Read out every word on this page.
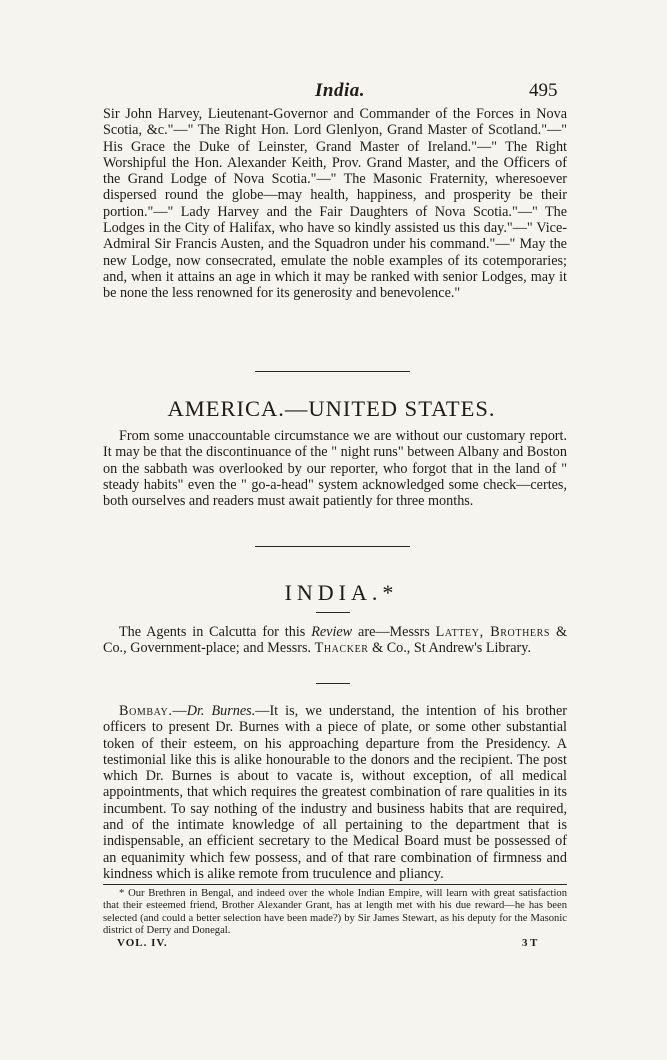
India.	495

Sir John Harvey, Lieutenant-Governor and Commander of the Forces in Nova Scotia, &c."—" The Right Hon. Lord Glenlyon, Grand Master of Scotland."—" His Grace the Duke of Leinster, Grand Master of Ireland."—" The Right Worshipful the Hon. Alexander Keith, Prov. Grand Master, and the Officers of the Grand Lodge of Nova Scotia."—" The Masonic Fraternity, wheresoever dispersed round the globe—may health, happiness, and prosperity be their portion."—" Lady Harvey and the Fair Daughters of Nova Scotia."—" The Lodges in the City of Halifax, who have so kindly assisted us this day."—" Vice-Admiral Sir Francis Austen, and the Squadron under his command."—" May the new Lodge, now consecrated, emulate the noble examples of its cotemporaries; and, when it attains an age in which it may be ranked with senior Lodges, may it be none the less renowned for its generosity and benevolence."

AMERICA.—UNITED STATES.

From some unaccountable circumstance we are without our customary report. It may be that the discontinuance of the " night runs" between Albany and Boston on the sabbath was overlooked by our reporter, who forgot that in the land of " steady habits" even the " go-a-head" system acknowledged some check—certes, both ourselves and readers must await patiently for three months.

INDIA.*

The Agents in Calcutta for this Review are—Messrs Lattey, Brothers & Co., Government-place; and Messrs. Thacker & Co., St Andrew's Library.

Bombay.—Dr. Burnes.—It is, we understand, the intention of his brother officers to present Dr. Burnes with a piece of plate, or some other substantial token of their esteem, on his approaching departure from the Presidency. A testimonial like this is alike honourable to the donors and the recipient. The post which Dr. Burnes is about to vacate is, without exception, of all medical appointments, that which requires the greatest combination of rare qualities in its incumbent. To say nothing of the industry and business habits that are required, and of the intimate knowledge of all pertaining to the department that is indispensable, an efficient secretary to the Medical Board must be possessed of an equanimity which few possess, and of that rare combination of firmness and kindness which is alike remote from truculence and pliancy.

* Our Brethren in Bengal, and indeed over the whole Indian Empire, will learn with great satisfaction that their esteemed friend, Brother Alexander Grant, has at length met with his due reward—he has been selected (and could a better selection have been made?) by Sir James Stewart, as his deputy for the Masonic district of Derry and Donegal.

VOL. IV.	3 T
